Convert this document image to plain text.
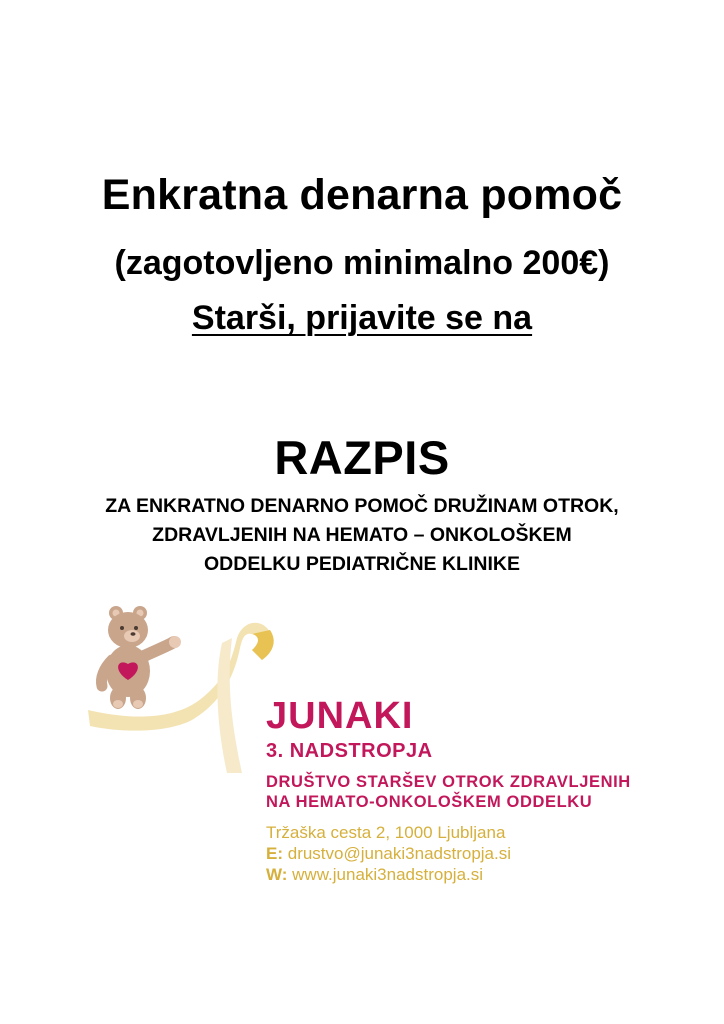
Enkratna denarna pomoč
(zagotovljeno minimalno 200€)
Starši, prijavite se na
RAZPIS
ZA ENKRATNO DENARNO POMOČ DRUŽINAM OTROK,
ZDRAVLJENIH NA HEMATO – ONKOLOŠKEM
ODDELKU PEDIATRIČNE KLINIKE
JUNAKI
3. NADSTROPJA
DRUŠTVO STARŠEV OTROK ZDRAVLJENIH
NA HEMATO-ONKOLOŠKEM ODDELKU
Tržaška cesta 2, 1000 Ljubljana
E: drustvo@junaki3nadstropja.si
W: www.junaki3nadstropja.si
